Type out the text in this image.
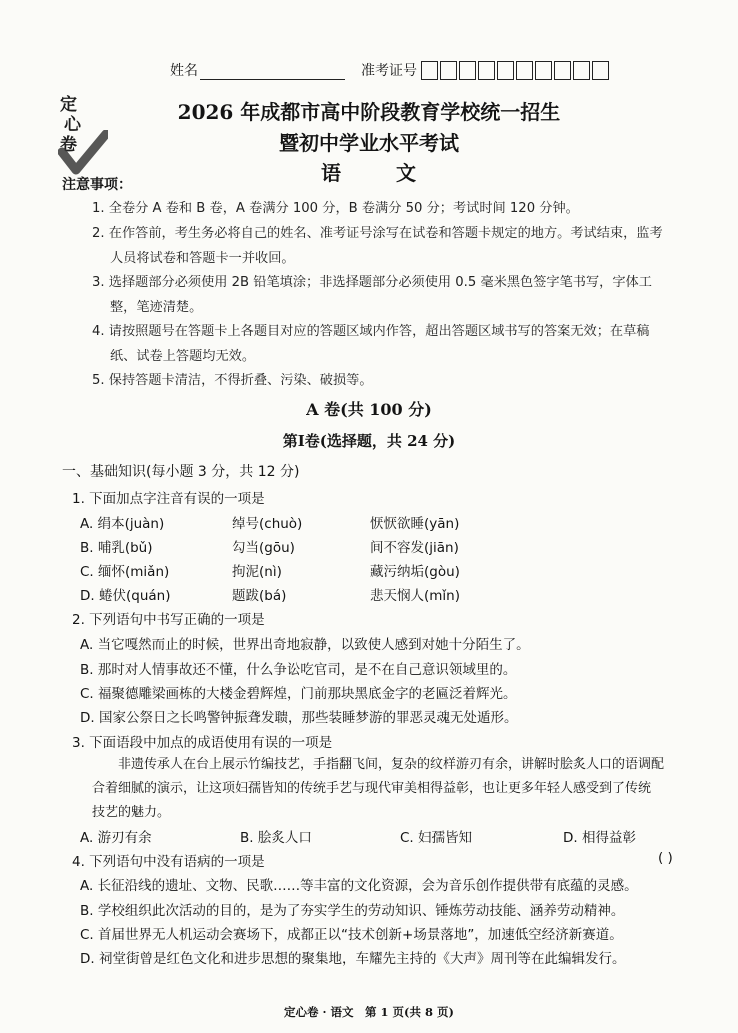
姓名	准考证号
定
心
卷
2026 年成都市高中阶段教育学校统一招生
暨初中学业水平考试
语	文
注意事项：
1. 全卷分 A 卷和 B 卷，A 卷满分 100 分，B 卷满分 50 分；考试时间 120 分钟。
2. 在作答前，考生务必将自己的姓名、准考证号涂写在试卷和答题卡规定的地方。考试结束，监考
人员将试卷和答题卡一并收回。
3. 选择题部分必须使用 2B 铅笔填涂；非选择题部分必须使用 0.5 毫米黑色签字笔书写，字体工
整，笔迹清楚。
4. 请按照题号在答题卡上各题目对应的答题区域内作答，超出答题区域书写的答案无效；在草稿
纸、试卷上答题均无效。
5. 保持答题卡清洁，不得折叠、污染、破损等。
A 卷(共 100 分)
第Ⅰ卷(选择题，共 24 分)
一、基础知识(每小题 3 分，共 12 分)
1. 下面加点字注音有误的一项是
A. 绢本(juàn)	绰号(chuò)	恹恹欲睡(yān)
B. 哺乳(bǔ)	勾当(gōu)	间不容发(jiān)
C. 缅怀(miǎn)	拘泥(nì)	藏污纳垢(gòu)
D. 蜷伏(quán)	题跋(bá)	悲天悯人(mǐn)
2. 下列语句中书写正确的一项是
A. 当它嘎然而止的时候，世界出奇地寂静，以致使人感到对她十分陌生了。
B. 那时对人情事故还不懂，什么争讼吃官司，是不在自己意识领域里的。
C. 福聚德雕梁画栋的大楼金碧辉煌，门前那块黑底金字的老匾泛着辉光。
D. 国家公祭日之长鸣警钟振聋发聩，那些装睡梦游的罪恶灵魂无处遁形。
3. 下面语段中加点的成语使用有误的一项是
非遗传承人在台上展示竹编技艺，手指翻飞间，复杂的纹样游刃有余，讲解时脍炙人口的语调配
合着细腻的演示，让这项妇孺皆知的传统手艺与现代审美相得益彰，也让更多年轻人感受到了传统
技艺的魅力。
A. 游刃有余	B. 脍炙人口	C. 妇孺皆知	D. 相得益彰
4. 下列语句中没有语病的一项是	( )
A. 长征沿线的遗址、文物、民歌……等丰富的文化资源，会为音乐创作提供带有底蕴的灵感。
B. 学校组织此次活动的目的，是为了夯实学生的劳动知识、锤炼劳动技能、涵养劳动精神。
C. 首届世界无人机运动会赛场下，成都正以“技术创新+场景落地”，加速低空经济新赛道。
D. 祠堂街曾是红色文化和进步思想的聚集地，车耀先主持的《大声》周刊等在此编辑发行。
定心卷 · 语文　第 1 页(共 8 页)
